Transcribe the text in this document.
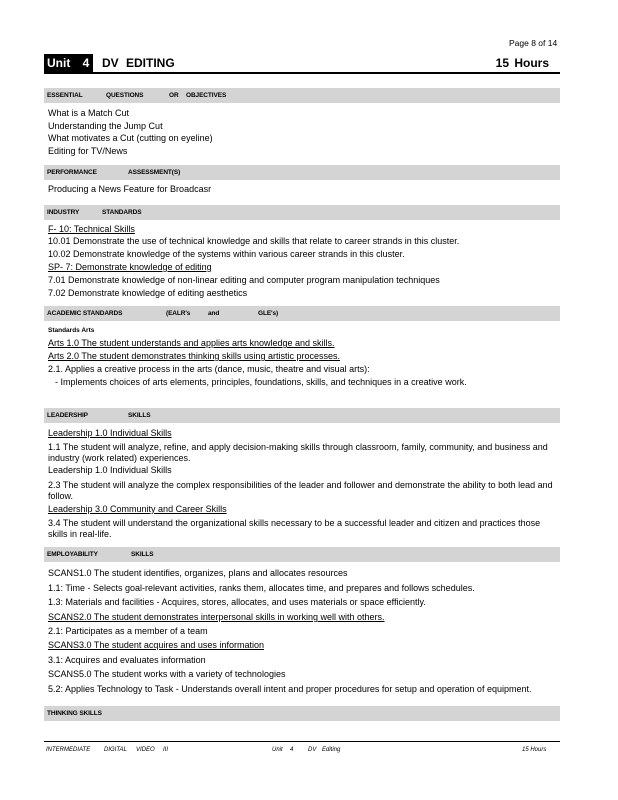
Page 8 of 14
Unit 4	DV EDITING	15 Hours
ESSENTIAL	QUESTIONS	OR OBJECTIVES
What is a Match Cut
Understanding the Jump Cut
What motivates a Cut (cutting on eyeline)
Editing for TV/News
PERFORMANCE	ASSESSMENT(S)
Producing a News Feature for Broadcasr
INDUSTRY	STANDARDS
F- 10: Technical Skills
10.01 Demonstrate the use of technical knowledge and skills that relate to career strands in this cluster.
10.02 Demonstrate knowledge of the systems within various career strands in this cluster.
SP- 7: Demonstrate knowledge of editing
7.01 Demonstrate knowledge of non-linear editing and computer program manipulation techniques
7.02 Demonstrate knowledge of editing aesthetics
ACADEMIC STANDARDS	(EALR's	and	GLE's)
Standards Arts
Arts 1.0 The student understands and applies arts knowledge and skills.
Arts 2.0 The student demonstrates thinking skills using artistic processes.
2.1. Applies a creative process in the arts (dance, music, theatre and visual arts):
- Implements choices of arts elements, principles, foundations, skills, and techniques in a creative work.
LEADERSHIP	SKILLS
Leadership 1.0 Individual Skills
1.1 The student will analyze, refine, and apply decision-making skills through classroom, family, community, and business and industry (work related) experiences.
Leadership 1.0 Individual Skills
2.3 The student will analyze the complex responsibilities of the leader and follower and demonstrate the ability to both lead and follow.
Leadership 3.0 Community and Career Skills
3.4 The student will understand the organizational skills necessary to be a successful leader and citizen and practices those skills in real-life.
EMPLOYABILITY	SKILLS
SCANS1.0 The student identifies, organizes, plans and allocates resources
1.1: Time - Selects goal-relevant activities, ranks them, allocates time, and prepares and follows schedules.
1.3: Materials and facilities - Acquires, stores, allocates, and uses materials or space efficiently.
SCANS2.0 The student demonstrates interpersonal skills in working well with others.
2.1: Participates as a member of a team
SCANS3.0 The student acquires and uses information
3.1: Acquires and evaluates information
SCANS5.0 The student works with a variety of technologies
5.2: Applies Technology to Task - Understands overall intent and proper procedures for setup and operation of equipment.
THINKING SKILLS
INTERMEDIATE DIGITAL VIDEO III	Unit 4 DV Editing	15 Hours
